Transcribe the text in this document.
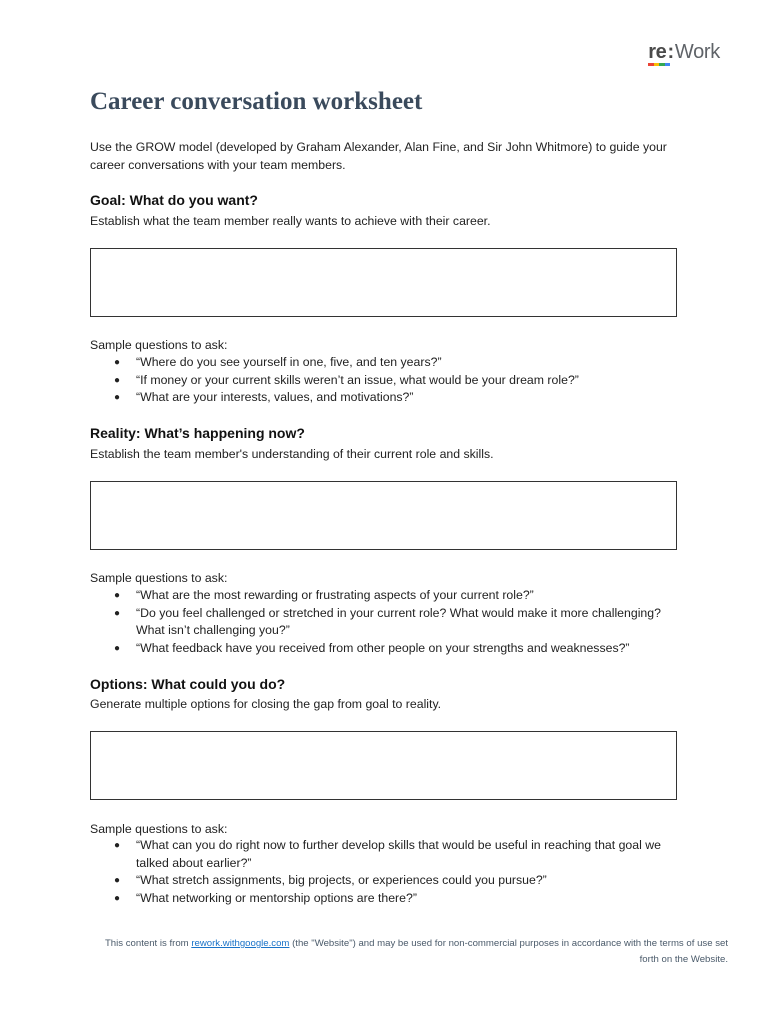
re : Work
Career conversation worksheet

Use the GROW model (developed by Graham Alexander, Alan Fine, and Sir John Whitmore) to guide your career conversations with your team members.

Goal: What do you want?

Establish what the team member really wants to achieve with their career.

Sample questions to ask:

● “Where do you see yourself in one, five, and ten years?”
● “If money or your current skills weren’t an issue, what would be your dream role?”
● “What are your interests, values, and motivations?”
Reality: What’s happening now?

Establish the team member's understanding of their current role and skills.

Sample questions to ask:

● “What are the most rewarding or frustrating aspects of your current role?”
● “Do you feel challenged or stretched in your current role? What would make it more challenging? What isn’t challenging you?”
● “What feedback have you received from other people on your strengths and weaknesses?”
Options: What could you do?

Generate multiple options for closing the gap from goal to reality.

Sample questions to ask:

● “What can you do right now to further develop skills that would be useful in reaching that goal we talked about earlier?”
● “What stretch assignments, big projects, or experiences could you pursue?”
● “What networking or mentorship options are there?”

This content is from rework.withgoogle.com (the "Website") and may be used for non-commercial purposes in accordance with the terms of use set forth on the Website.
